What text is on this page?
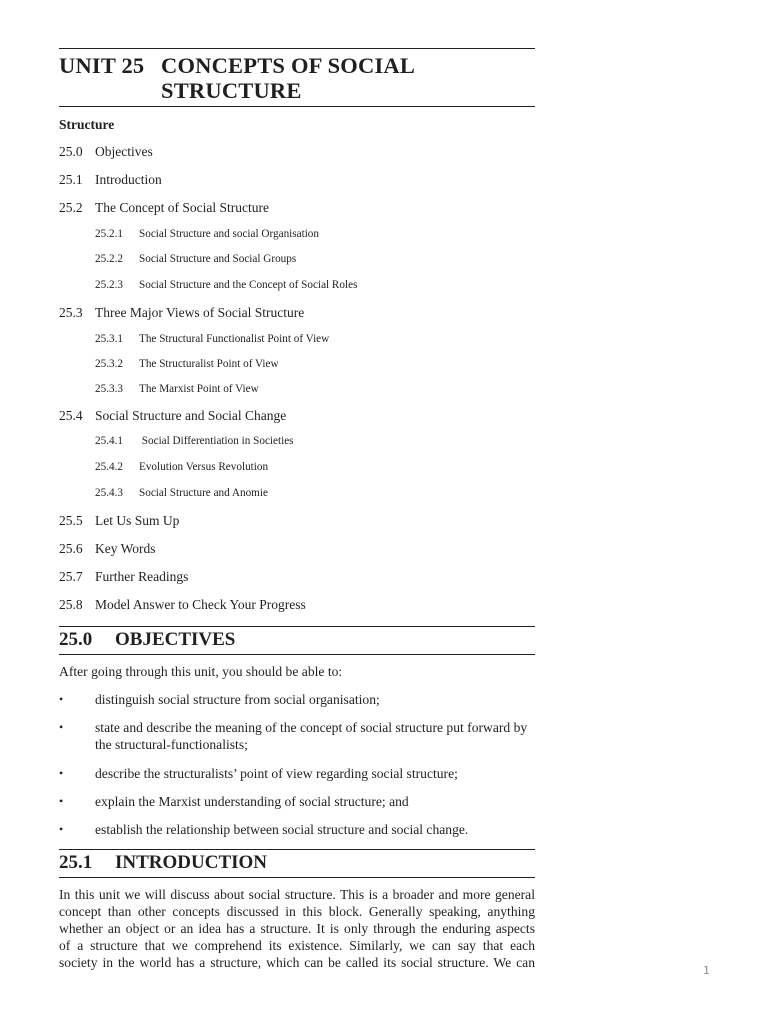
UNIT 25 CONCEPTS OF SOCIAL
STRUCTURE
Structure
25.0 Objectives
25.1 Introduction
25.2 The Concept of Social Structure
25.2.1 Social Structure and social Organisation
25.2.2 Social Structure and Social Groups
25.2.3 Social Structure and the Concept of Social Roles
25.3 Three Major Views of Social Structure
25.3.1 The Structural Functionalist Point of View
25.3.2 The Structuralist Point of View
25.3.3 The Marxist Point of View
25.4 Social Structure and Social Change
25.4.1 Social Differentiation in Societies
25.4.2 Evolution Versus Revolution
25.4.3 Social Structure and Anomie
25.5 Let Us Sum Up
25.6 Key Words
25.7 Further Readings
25.8 Model Answer to Check Your Progress
25.0 OBJECTIVES
After going through this unit, you should be able to:
• distinguish social structure from social organisation;
• state and describe the meaning of the concept of social structure put forward by the structural-functionalists;
• describe the structuralists’ point of view regarding social structure;
• explain the Marxist understanding of social structure; and
• establish the relationship between social structure and social change.
25.1 INTRODUCTION
In this unit we will discuss about social structure. This is a broader and more general
concept than other concepts discussed in this block. Generally speaking, anything
whether an object or an idea has a structure. It is only through the enduring aspects
of a structure that we comprehend its existence. Similarly, we can say that each
society in the world has a structure, which can be called its social structure. We can
1
